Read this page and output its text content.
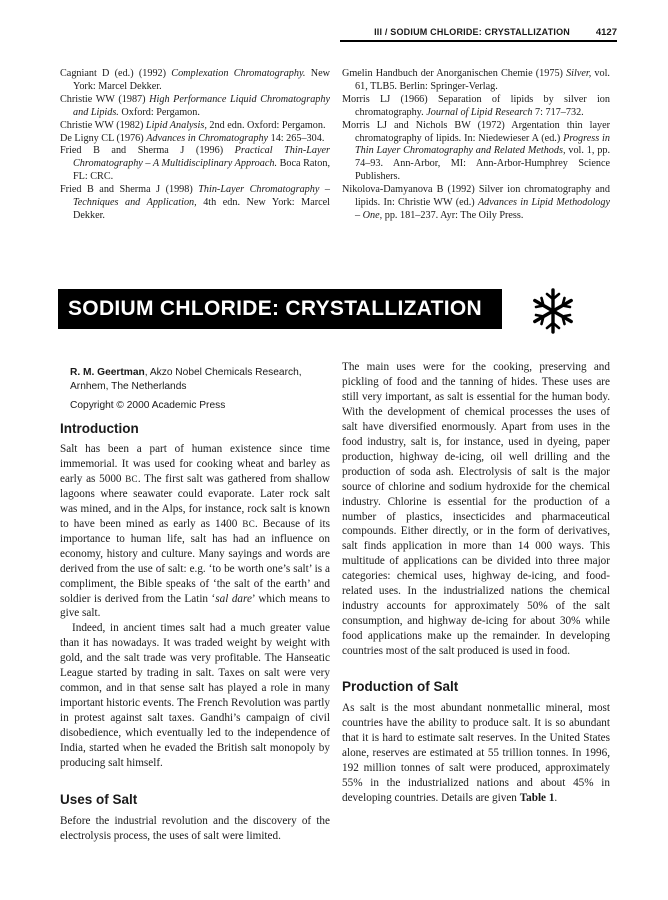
III / SODIUM CHLORIDE: CRYSTALLIZATION	4127
Cagniant D (ed.) (1992) Complexation Chromatography. New York: Marcel Dekker.
Christie WW (1987) High Performance Liquid Chromatography and Lipids. Oxford: Pergamon.
Christie WW (1982) Lipid Analysis, 2nd edn. Oxford: Pergamon.
De Ligny CL (1976) Advances in Chromatography 14: 265–304.
Fried B and Sherma J (1996) Practical Thin-Layer Chromatography – A Multidisciplinary Approach. Boca Raton, FL: CRC.
Fried B and Sherma J (1998) Thin-Layer Chromatography – Techniques and Application, 4th edn. New York: Marcel Dekker.
Gmelin Handbuch der Anorganischen Chemie (1975) Silver, vol. 61, TLB5. Berlin: Springer-Verlag.
Morris LJ (1966) Separation of lipids by silver ion chromatography. Journal of Lipid Research 7: 717–732.
Morris LJ and Nichols BW (1972) Argentation thin layer chromatography of lipids. In: Niedewieser A (ed.) Progress in Thin Layer Chromatography and Related Methods, vol. 1, pp. 74–93. Ann-Arbor, MI: Ann-Arbor-Humphrey Science Publishers.
Nikolova-Damyanova B (1992) Silver ion chromatography and lipids. In: Christie WW (ed.) Advances in Lipid Methodology – One, pp. 181–237. Ayr: The Oily Press.
SODIUM CHLORIDE: CRYSTALLIZATION
R. M. Geertman, Akzo Nobel Chemicals Research, Arnhem, The Netherlands
Copyright © 2000 Academic Press
Introduction

Salt has been a part of human existence since time immemorial. It was used for cooking wheat and barley as early as 5000 BC. The first salt was gathered from shallow lagoons where seawater could evaporate. Later rock salt was mined, and in the Alps, for instance, rock salt is known to have been mined as early as 1400 BC. Because of its importance to human life, salt has had an influence on economy, history and culture. Many sayings and words are derived from the use of salt: e.g. ‘to be worth one’s salt’ is a compliment, the Bible speaks of ‘the salt of the earth’ and soldier is derived from the Latin ‘sal dare’ which means to give salt.

Indeed, in ancient times salt had a much greater value than it has nowadays. It was traded weight by weight with gold, and the salt trade was very profitable. The Hanseatic League started by trading in salt. Taxes on salt were very common, and in that sense salt has played a role in many important historic events. The French Revolution was partly in protest against salt taxes. Gandhi’s campaign of civil disobedience, which eventually led to the independence of India, started when he evaded the British salt monopoly by producing salt himself.

Uses of Salt

Before the industrial revolution and the discovery of the electrolysis process, the uses of salt were limited.

The main uses were for the cooking, preserving and pickling of food and the tanning of hides. These uses are still very important, as salt is essential for the human body. With the development of chemical processes the uses of salt have diversified enormously. Apart from uses in the food industry, salt is, for instance, used in dyeing, paper production, highway de-icing, oil well drilling and the production of soda ash. Electrolysis of salt is the major source of chlorine and sodium hydroxide for the chemical industry. Chlorine is essential for the production of a number of plastics, insecticides and pharmaceutical compounds. Either directly, or in the form of derivatives, salt finds application in more than 14 000 ways. This multitude of applications can be divided into three major categories: chemical uses, highway de-icing, and food-related uses. In the industrialized nations the chemical industry accounts for approximately 50% of the salt consumption, and highway de-icing for about 30% while food applications make up the remainder. In developing countries most of the salt produced is used in food.

Production of Salt

As salt is the most abundant nonmetallic mineral, most countries have the ability to produce salt. It is so abundant that it is hard to estimate salt reserves. In the United States alone, reserves are estimated at 55 trillion tonnes. In 1996, 192 million tonnes of salt were produced, approximately 55% in the industrialized nations and about 45% in developing countries. Details are given Table 1.
